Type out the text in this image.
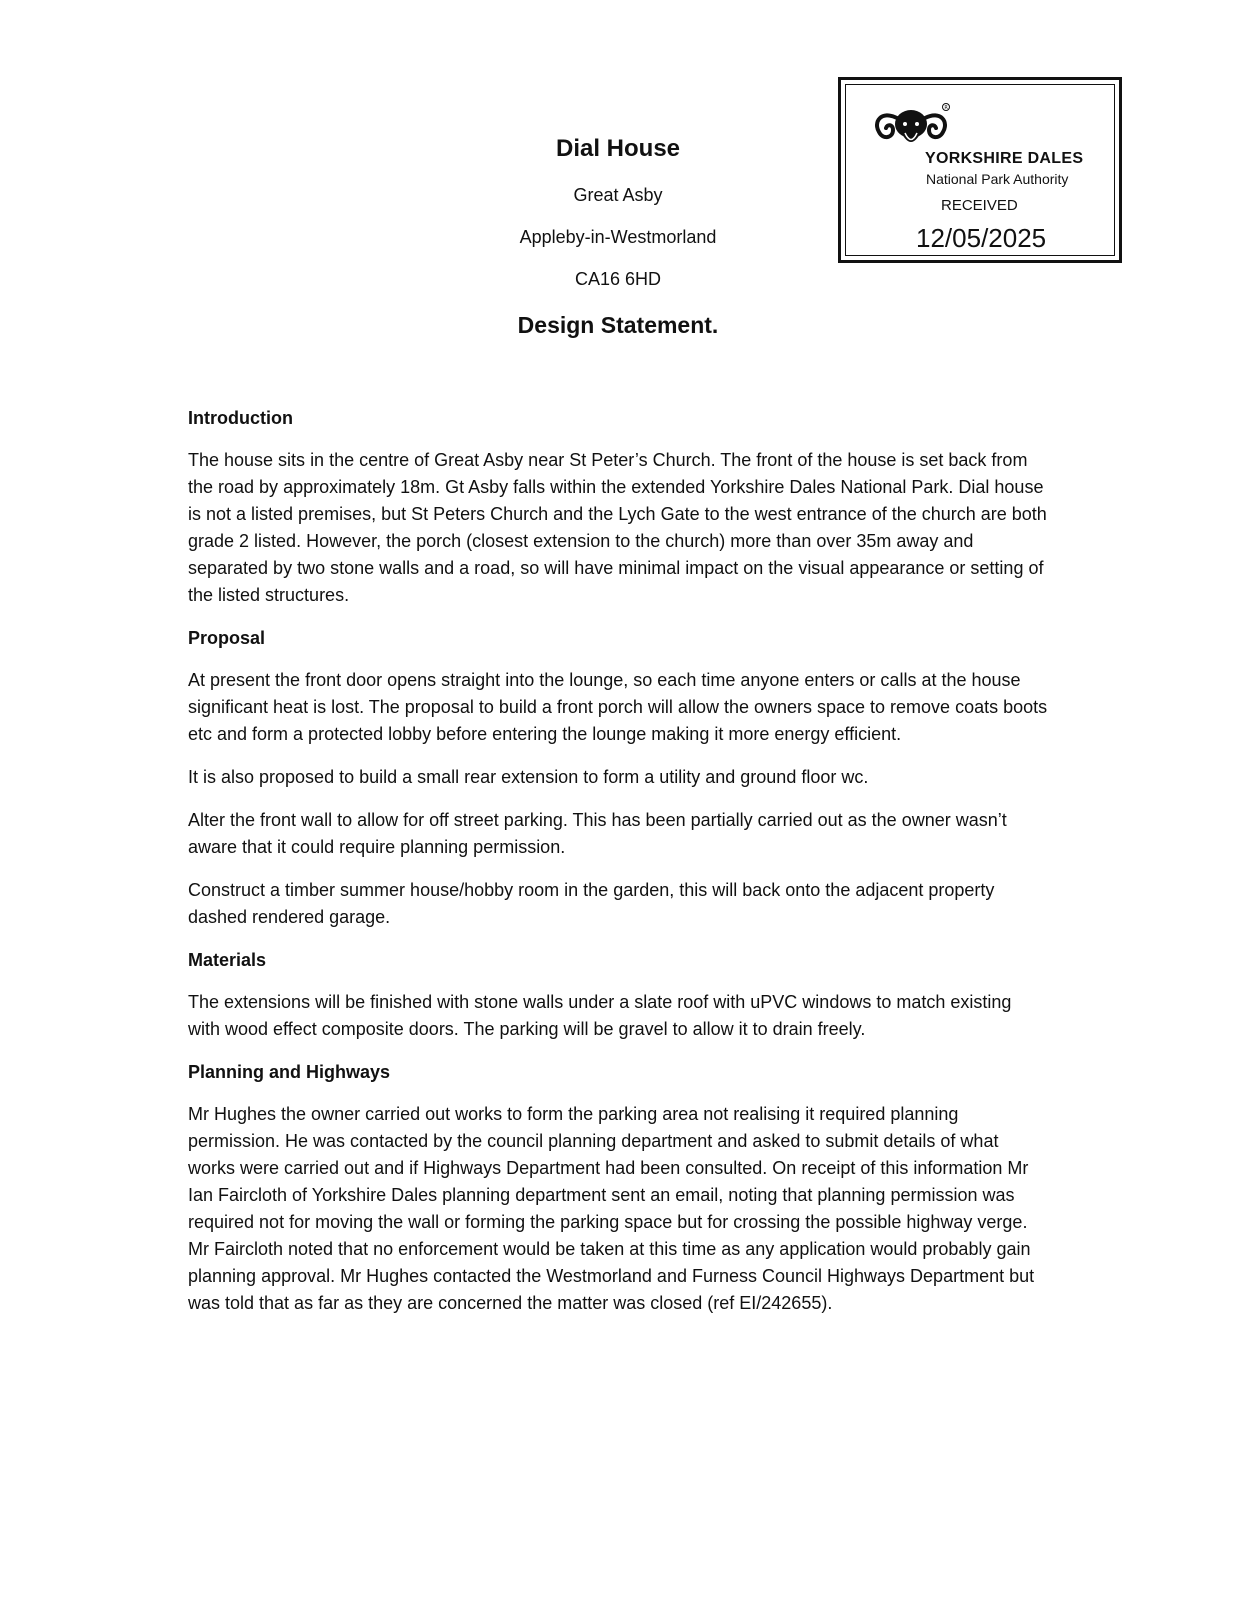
Dial House
Great Asby
Appleby-in-Westmorland
CA16 6HD
Design Statement.
R
YORKSHIRE DALES
National Park Authority
RECEIVED
12/05/2025
Introduction

The house sits in the centre of Great Asby near St Peter’s Church. The front of the house is set back from the road by approximately 18m. Gt Asby falls within the extended Yorkshire Dales National Park. Dial house is not a listed premises, but St Peters Church and the Lych Gate to the west entrance of the church are both grade 2 listed. However, the porch (closest extension to the church) more than over 35m away and separated by two stone walls and a road, so will have minimal impact on the visual appearance or setting of the listed structures.

Proposal

At present the front door opens straight into the lounge, so each time anyone enters or calls at the house significant heat is lost. The proposal to build a front porch will allow the owners space to remove coats boots etc and form a protected lobby before entering the lounge making it more energy efficient.

It is also proposed to build a small rear extension to form a utility and ground floor wc.

Alter the front wall to allow for off street parking. This has been partially carried out as the owner wasn’t aware that it could require planning permission.

Construct a timber summer house/hobby room in the garden, this will back onto the adjacent property dashed rendered garage.

Materials

The extensions will be finished with stone walls under a slate roof with uPVC windows to match existing with wood effect composite doors. The parking will be gravel to allow it to drain freely.

Planning and Highways

Mr Hughes the owner carried out works to form the parking area not realising it required planning permission. He was contacted by the council planning department and asked to submit details of what works were carried out and if Highways Department had been consulted. On receipt of this information Mr Ian Faircloth of Yorkshire Dales planning department sent an email, noting that planning permission was required not for moving the wall or forming the parking space but for crossing the possible highway verge. Mr Faircloth noted that no enforcement would be taken at this time as any application would probably gain planning approval. Mr Hughes contacted the Westmorland and Furness Council Highways Department but was told that as far as they are concerned the matter was closed (ref EI/242655).
